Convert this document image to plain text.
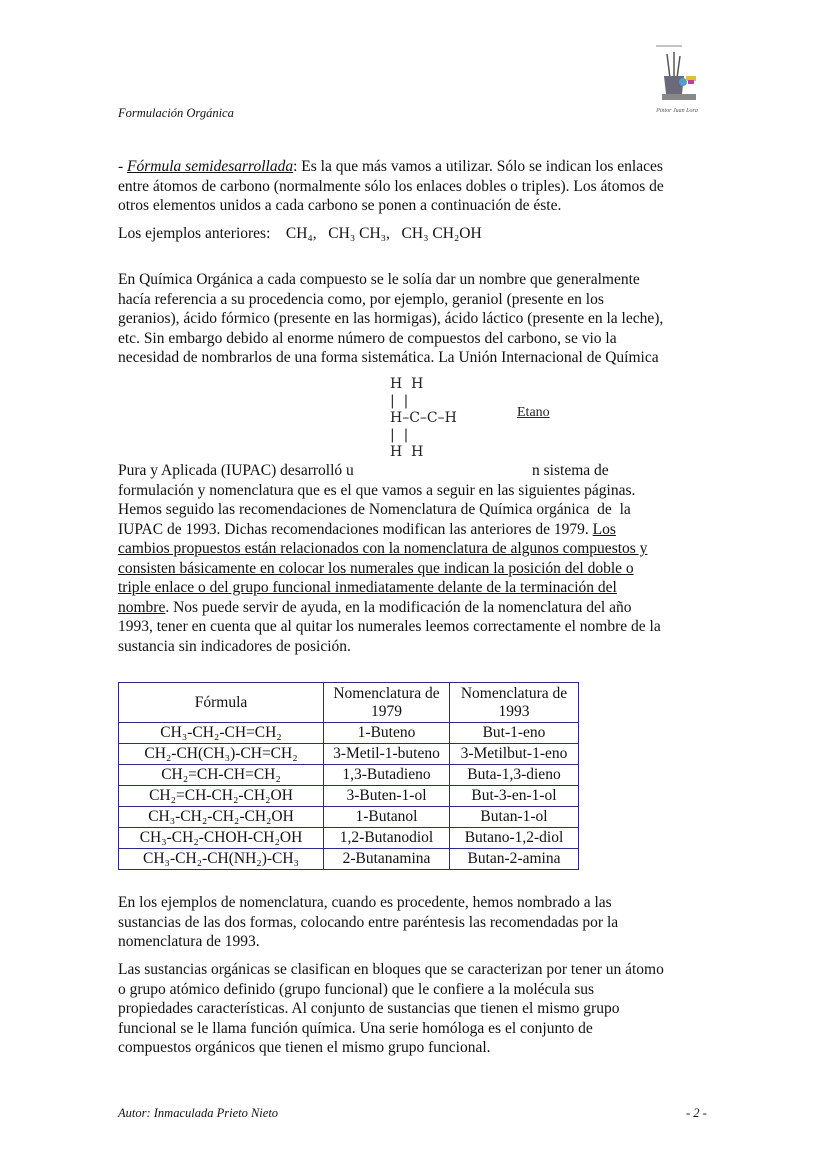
Formulación Orgánica	Pintor Juan Lora
- Fórmula semidesarrollada: Es la que más vamos a utilizar. Sólo se indican los enlaces
entre átomos de carbono (normalmente sólo los enlaces dobles o triples). Los átomos de
otros elementos unidos a cada carbono se ponen a continuación de éste.
Los ejemplos anteriores:    CH₄,   CH₃ CH₃,   CH₃ CH₂OH
En Química Orgánica a cada compuesto se le solía dar un nombre que generalmente
hacía referencia a su procedencia como, por ejemplo, geraniol (presente en los
geranios), ácido fórmico (presente en las hormigas), ácido láctico (presente en la leche),
etc. Sin embargo debido al enorme número de compuestos del carbono, se vio la
necesidad de nombrarlos de una forma sistemática. La Unión Internacional de Química
H  H
|  |
H–C–C–H
|  |
H  H
Etano
Pura y Aplicada (IUPAC) desarrolló u                                              n sistema de
formulación y nomenclatura que es el que vamos a seguir en las siguientes páginas.
Hemos seguido las recomendaciones de Nomenclatura de Química orgánica  de  la
IUPAC de 1993. Dichas recomendaciones modifican las anteriores de 1979. Los
cambios propuestos están relacionados con la nomenclatura de algunos compuestos y
consisten básicamente en colocar los numerales que indican la posición del doble o
triple enlace o del grupo funcional inmediatamente delante de la terminación del
nombre. Nos puede servir de ayuda, en la modificación de la nomenclatura del año
1993, tener en cuenta que al quitar los numerales leemos correctamente el nombre de la
sustancia sin indicadores de posición.
Fórmula	Nomenclatura de 1979	Nomenclatura de 1993
CH₃-CH₂-CH=CH₂	1-Buteno	But-1-eno
CH₂-CH(CH₃)-CH=CH₂	3-Metil-1-buteno	3-Metilbut-1-eno
CH₂=CH-CH=CH₂	1,3-Butadieno	Buta-1,3-dieno
CH₂=CH-CH₂-CH₂OH	3-Buten-1-ol	But-3-en-1-ol
CH₃-CH₂-CH₂-CH₂OH	1-Butanol	Butan-1-ol
CH₃-CH₂-CHOH-CH₂OH	1,2-Butanodiol	Butano-1,2-diol
CH₃-CH₂-CH(NH₂)-CH₃	2-Butanamina	Butan-2-amina
En los ejemplos de nomenclatura, cuando es procedente, hemos nombrado a las
sustancias de las dos formas, colocando entre paréntesis las recomendadas por la
nomenclatura de 1993.
Las sustancias orgánicas se clasifican en bloques que se caracterizan por tener un átomo
o grupo atómico definido (grupo funcional) que le confiere a la molécula sus
propiedades características. Al conjunto de sustancias que tienen el mismo grupo
funcional se le llama función química. Una serie homóloga es el conjunto de
compuestos orgánicos que tienen el mismo grupo funcional.
Autor: Inmaculada Prieto Nieto	- 2 -
